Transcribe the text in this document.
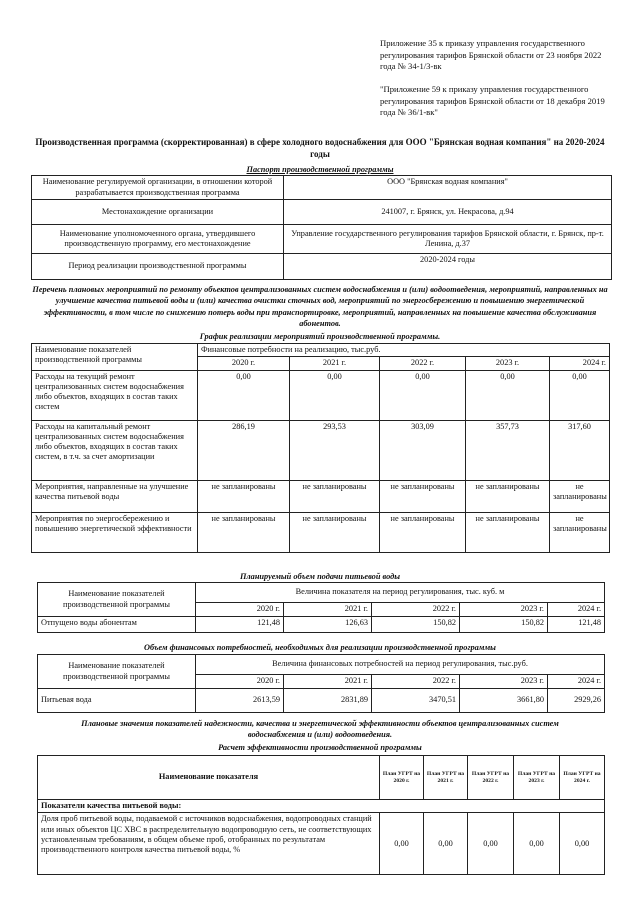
Приложение 35 к приказу управления государственного регулирования тарифов Брянской области от 23 ноября 2022 года № 34-1/3-вк
"Приложение 59 к приказу управления государственного регулирования тарифов Брянской области от 18 декабря 2019 года № 36/1-вк"
Производственная программа (скорректированная) в сфере холодного водоснабжения для ООО "Брянская водная компания" на 2020-2024 годы
Паспорт производственной программы
Наименование регулируемой организации, в отношении которой разрабатывается производственная программа	ООО "Брянская водная компания"
Местонахождение организации	241007, г. Брянск, ул. Некрасова, д.94
Наименование уполномоченного органа, утвердившего производственную программу, его местонахождение	Управление государственного регулирования тарифов Брянской области, г. Брянск, пр-т. Ленина, д.37
Период реализации производственной программы	2020-2024 годы
Перечень плановых мероприятий по ремонту объектов централизованных систем водоснабжения и (или) водоотведения, мероприятий, направленных на улучшение качества питьевой воды и (или) качества очистки сточных вод, мероприятий по энергосбережению и повышению энергетической эффективности, в том числе по снижению потерь воды при транспортировке, мероприятий, направленных на повышение качества обслуживания абонентов.
График реализации мероприятий производственной программы.
Наименование показателей производственной программы	Финансовые потребности на реализацию, тыс.руб.				
	2020 г.	2021 г.	2022 г.	2023 г.	2024 г.
Расходы на текущий ремонт централизованных систем водоснабжения либо объектов, входящих в состав таких систем	0,00	0,00	0,00	0,00	0,00
Расходы на капитальный ремонт централизованных систем водоснабжения либо объектов, входящих в состав таких систем, в т.ч. за счет амортизации	286,19	293,53	303,09	357,73	317,60
Мероприятия, направленные на улучшение качества питьевой воды	не запланированы	не запланированы	не запланированы	не запланированы	не запланированы
Мероприятия по энергосбережению и повышению энергетической эффективности	не запланированы	не запланированы	не запланированы	не запланированы	не запланированы
Планируемый объем подачи питьевой воды
Наименование показателей производственной программы	Величина показателя на период регулирования, тыс. куб. м				
	2020 г.	2021 г.	2022 г.	2023 г.	2024 г.
Отпущено воды абонентам	121,48	126,63	150,82	150,82	121,48
Объем финансовых потребностей, необходимых для реализации производственной программы
Наименование показателей производственной программы	Величина финансовых потребностей на период регулирования, тыс.руб.				
	2020 г.	2021 г.	2022 г.	2023 г.	2024 г.
Питьевая вода	2613,59	2831,89	3470,51	3661,80	2929,26
Плановые значения показателей надежности, качества и энергетической эффективности объектов централизованных систем водоснабжения и (или) водоотведения.
Расчет эффективности производственной программы
Наименование показателя	План УГРТ на 2020 г.	План УГРТ на 2021 г.	План УГРТ на 2022 г.	План УГРТ на 2023 г.	План УГРТ на 2024 г.
Показатели качества питьевой воды:					
Доля проб питьевой воды, подаваемой с источников водоснабжения, водопроводных станций или иных объектов ЦС ХВС в распределительную водопроводную сеть, не соответствующих установленным требованиям, в общем объеме проб, отобранных по результатам производственного контроля качества питьевой воды, %	0,00	0,00	0,00	0,00	0,00
